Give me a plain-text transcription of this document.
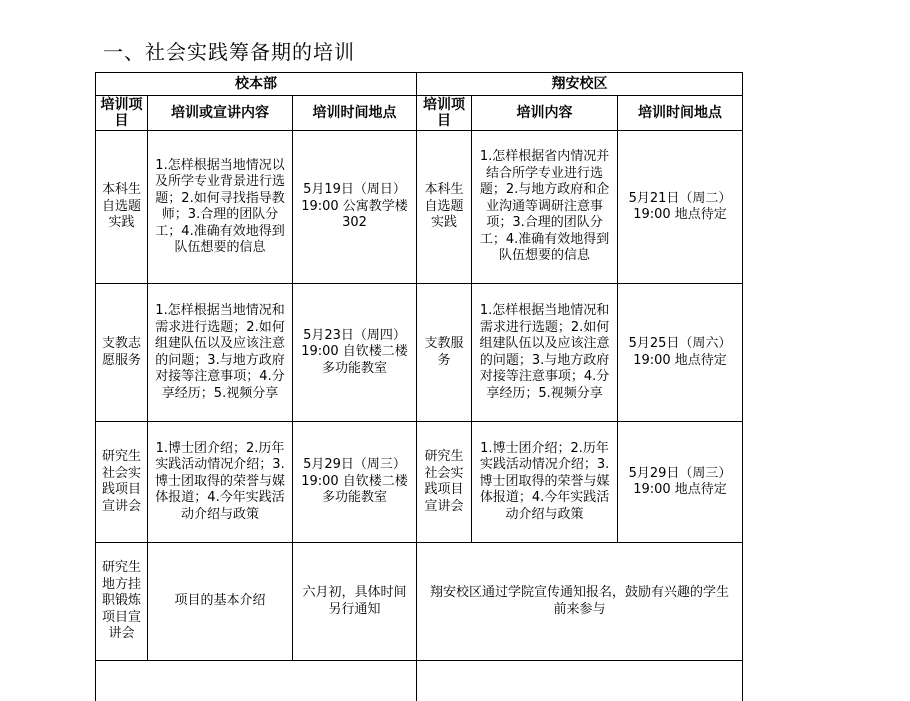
一、社会实践筹备期的培训
校本部			翔安校区		
培训项目	培训或宣讲内容	培训时间地点	培训项目	培训内容	培训时间地点
本科生自选题实践	1.怎样根据当地情况以及所学专业背景进行选题；2.如何寻找指导教师；3.合理的团队分工；4.准确有效地得到队伍想要的信息	5月19日（周日）19:00 公寓教学楼302	本科生自选题实践	1.怎样根据省内情况并结合所学专业进行选题；2.与地方政府和企业沟通等调研注意事项；3.合理的团队分工；4.准确有效地得到队伍想要的信息	5月21日（周二）19:00 地点待定
支教志愿服务	1.怎样根据当地情况和需求进行选题；2.如何组建队伍以及应该注意的问题；3.与地方政府对接等注意事项；4.分享经历；5.视频分享	5月23日（周四）19:00 自钦楼二楼多功能教室	支教服务	1.怎样根据当地情况和需求进行选题；2.如何组建队伍以及应该注意的问题；3.与地方政府对接等注意事项；4.分享经历；5.视频分享	5月25日（周六）19:00 地点待定
研究生社会实践项目宣讲会	1.博士团介绍；2.历年实践活动情况介绍；3.博士团取得的荣誉与媒体报道；4.今年实践活动介绍与政策	5月29日（周三）19:00 自钦楼二楼多功能教室	研究生社会实践项目宣讲会	1.博士团介绍；2.历年实践活动情况介绍；3.博士团取得的荣誉与媒体报道；4.今年实践活动介绍与政策	5月29日（周三）19:00 地点待定
研究生地方挂职锻炼项目宣讲会	项目的基本介绍	六月初，具体时间另行通知	翔安校区通过学院宣传通知报名，鼓励有兴趣的学生前来参与		
